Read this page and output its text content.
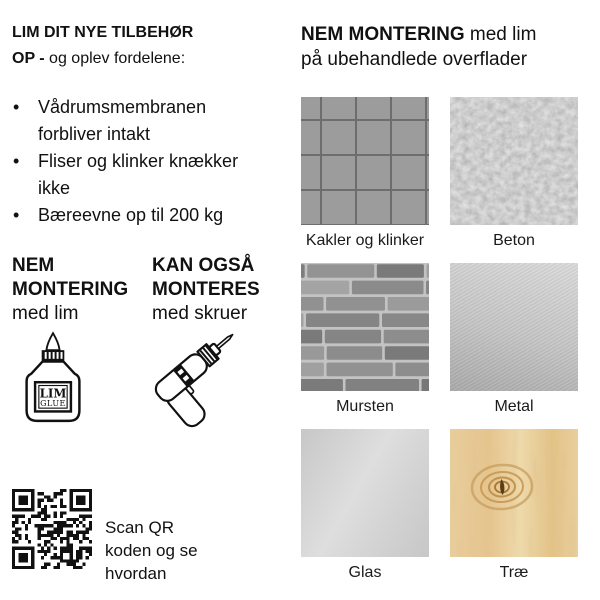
LIM DIT NYE TILBEHØR
OP - og oplev fordelene:
•	Vådrumsmembranen
forbliver intakt
•	Fliser og klinker knækker ikke
•	Bæreevne op til 200 kg
NEM MONTERING
med lim
LIM
GLUE
KAN OGSÅ MONTERES
med skruer
Scan QR koden og se hvordan
NEM MONTERING med lim
på ubehandlede overflader
Kakler og klinker	Beton
Mursten	Metal
Glas	Træ
